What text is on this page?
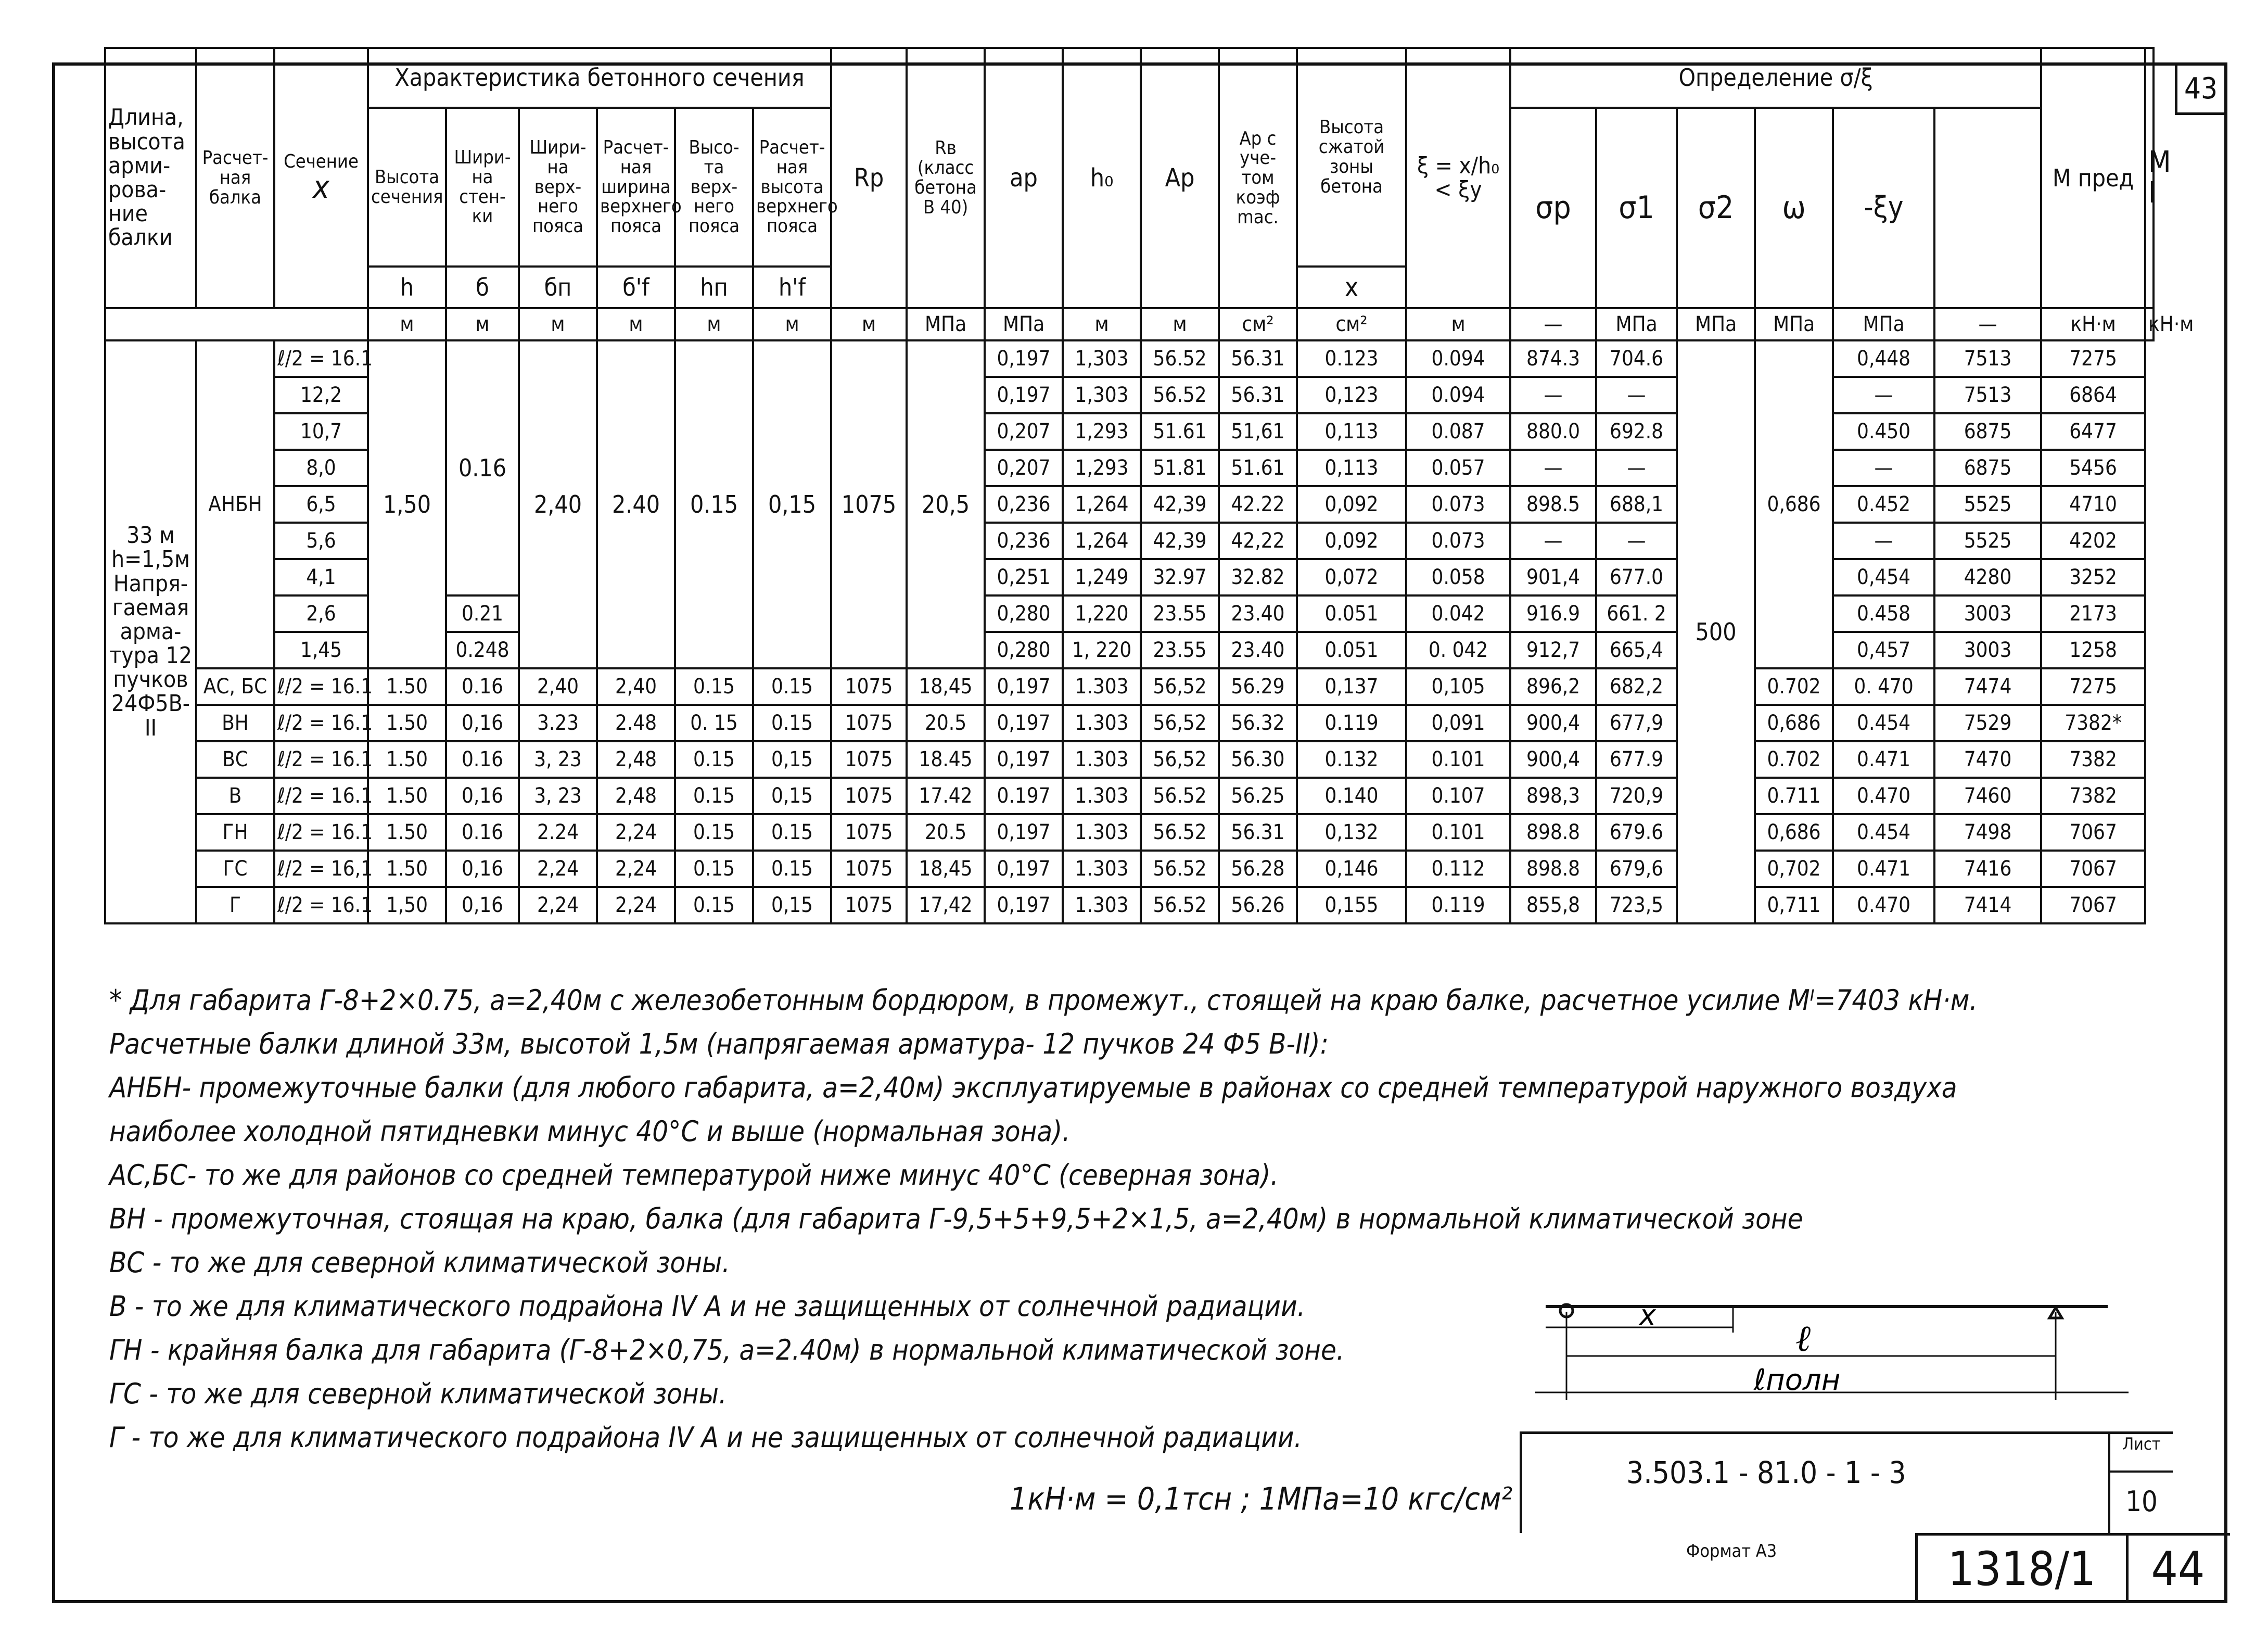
43
Длина, высота арми- рова- ние балки	Расчет- ная балка	Сечение
x	Характеристика бетонного сечения						Rр	Rв (класс бетона В 40)	ap	h₀	Ap	Ap с уче- том коэф mac.	Высота сжатой зоны бетона	ξ = x/h₀ < ξy	Определение σ/ξ						M пред	M I
			Высота сечения	Шири- на стен- ки	Шири- на верх- него пояса	Расчет- ная ширина верхнего пояса	Высо- та верх- него пояса	Расчет- ная высота верхнего пояса									σp	σ1	σ2	ω	-ξy		
			h	б	бп	б'f	hп	h'f							x									
			м	м	м	м	м	м	м	МПа	МПа	м	м	см²	см²	м	—	МПа	МПа	МПа	МПа	—	кН·м	кН·м
33 м h=1,5м Напря- гаемая арма- тура 12 пучков 24Ф5В-II	АНБН	ℓ/2 = 16.1	1,50	0.16	2,40	2.40	0.15	0,15	1075	20,5	0,197	1,303	56.52	56.31	0.123	0.094	874.3	704.6	500	0,686	0,448	7513	7275	
		12,2									0,197	1,303	56.52	56.31	0,123	0.094	—	—			—	7513	6864	
		10,7									0,207	1,293	51.61	51,61	0,113	0.087	880.0	692.8			0.450	6875	6477	
		8,0									0,207	1,293	51.81	51.61	0,113	0.057	—	—			—	6875	5456	
		6,5									0,236	1,264	42,39	42.22	0,092	0.073	898.5	688,1			0.452	5525	4710	
		5,6									0,236	1,264	42,39	42,22	0,092	0.073	—	—			—	5525	4202	
		4,1									0,251	1,249	32.97	32.82	0,072	0.058	901,4	677.0			0,454	4280	3252	
		2,6		0.21							0,280	1,220	23.55	23.40	0.051	0.042	916.9	661. 2			0.458	3003	2173	
		1,45		0.248							0,280	1, 220	23.55	23.40	0.051	0. 042	912,7	665,4			0,457	3003	1258	
	АС, БС	ℓ/2 = 16.1	1.50	0.16	2,40	2,40	0.15	0.15	1075	18,45	0,197	1.303	56,52	56.29	0,137	0,105	896,2	682,2		0.702	0. 470	7474	7275	
	ВН	ℓ/2 = 16.1	1.50	0,16	3.23	2.48	0. 15	0.15	1075	20.5	0,197	1.303	56,52	56.32	0.119	0,091	900,4	677,9		0,686	0.454	7529	7382*	
	ВС	ℓ/2 = 16.1	1.50	0.16	3, 23	2,48	0.15	0,15	1075	18.45	0,197	1.303	56,52	56.30	0.132	0.101	900,4	677.9		0.702	0.471	7470	7382	
	В	ℓ/2 = 16.1	1.50	0,16	3, 23	2,48	0.15	0,15	1075	17.42	0.197	1.303	56.52	56.25	0.140	0.107	898,3	720,9		0.711	0.470	7460	7382	
	ГН	ℓ/2 = 16.1	1.50	0.16	2.24	2,24	0.15	0.15	1075	20.5	0,197	1.303	56.52	56.31	0,132	0.101	898.8	679.6		0,686	0.454	7498	7067	
	ГС	ℓ/2 = 16,1	1.50	0,16	2,24	2,24	0.15	0.15	1075	18,45	0,197	1.303	56.52	56.28	0,146	0.112	898.8	679,6		0,702	0.471	7416	7067	
	Г	ℓ/2 = 16.1	1,50	0,16	2,24	2,24	0.15	0,15	1075	17,42	0,197	1.303	56.52	56.26	0,155	0.119	855,8	723,5		0,711	0.470	7414	7067	
* Для габарита Г-8+2×0.75, а=2,40м с железобетонным бордюром, в промежут., стоящей на краю балке, расчетное усилие Mᴵ=7403 кН·м.
Расчетные балки длиной 33м, высотой 1,5м (напрягаемая арматура- 12 пучков 24 Ф5 В-II):
АНБН- промежуточные балки (для любого габарита, а=2,40м) эксплуатируемые в районах со средней температурой наружного воздуха
наиболее холодной пятидневки минус 40°С и выше (нормальная зона).
АС,БС- то же для районов со средней температурой ниже минус 40°С (северная зона).
ВН - промежуточная, стоящая на краю, балка (для габарита Г-9,5+5+9,5+2×1,5, а=2,40м) в нормальной климатической зоне
ВС - то же для северной климатической зоны.
В - то же для климатического подрайона IV А и не защищенных от солнечной радиации.
ГН - крайняя балка для габарита (Г-8+2×0,75, а=2.40м) в нормальной климатической зоне.
ГС - то же для северной климатической зоны.
Г - то же для климатического подрайона IV А и не защищенных от солнечной радиации.
x
ℓ
ℓполн
1кН·м = 0,1тсн ; 1МПа=10 кгс/см²
3.503.1 - 81.0 - 1 - 3
Лист
10
Формат А3	1318/1	44
